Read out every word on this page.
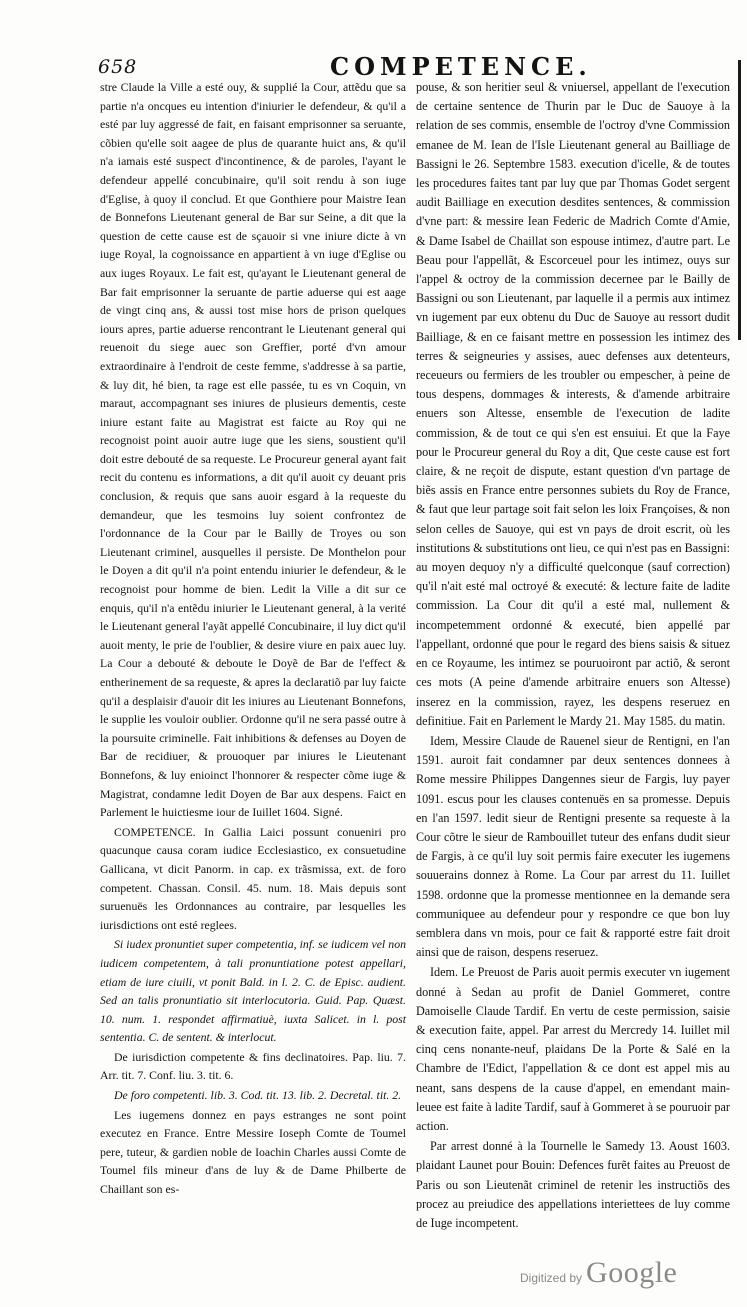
658	COMPETENCE.

stre Claude la Ville a esté ouy, & supplié la Cour, attẽdu que sa partie n'a oncques eu intention d'iniurier le defendeur, & qu'il a esté par luy aggressé de fait, en faisant emprisonner sa seruante, cõbien qu'elle soit aagee de plus de quarante huict ans, & qu'il n'a iamais esté suspect d'incontinence, & de paroles, l'ayant le defendeur appellé concubinaire, qu'il soit rendu à son iuge d'Eglise, à quoy il conclud. Et que Gonthiere pour Maistre Iean de Bonnefons Lieutenant general de Bar sur Seine, a dit que la question de cette cause est de sçauoir si vne iniure dicte à vn iuge Royal, la cognoissance en appartient à vn iuge d'Eglise ou aux iuges Royaux. Le fait est, qu'ayant le Lieutenant general de Bar fait emprisonner la seruante de partie aduerse qui est aage de vingt cinq ans, & aussi tost mise hors de prison quelques iours apres, partie aduerse rencontrant le Lieutenant general qui reuenoit du siege auec son Greffier, porté d'vn amour extraordinaire à l'endroit de ceste femme, s'addresse à sa partie, & luy dit, hé bien, ta rage est elle passée, tu es vn Coquin, vn maraut, accompagnant ses iniures de plusieurs dementis, ceste iniure estant faite au Magistrat est faicte au Roy qui ne recognoist point auoir autre iuge que les siens, soustient qu'il doit estre debouté de sa requeste. Le Procureur general ayant fait recit du contenu es informations, a dit qu'il auoit cy deuant pris conclusion, & requis que sans auoir esgard à la requeste du demandeur, que les tesmoins luy soient confrontez de l'ordonnance de la Cour par le Bailly de Troyes ou son Lieutenant criminel, ausquelles il persiste. De Monthelon pour le Doyen a dit qu'il n'a point entendu iniurier le defendeur, & le recognoist pour homme de bien. Ledit la Ville a dit sur ce enquis, qu'il n'a entẽdu iniurier le Lieutenant general, à la verité le Lieutenant general l'ayãt appellé Concubinaire, il luy dict qu'il auoit menty, le prie de l'oublier, & desire viure en paix auec luy. La Cour a debouté & deboute le Doyẽ de Bar de l'effect & entherinement de sa requeste, & apres la declaratiõ par luy faicte qu'il a desplaisir d'auoir dit les iniures au Lieutenant Bonnefons, le supplie les vouloir oublier. Ordonne qu'il ne sera passé outre à la poursuite criminelle. Fait inhibitions & defenses au Doyen de Bar de recidiuer, & prouoquer par iniures le Lieutenant Bonnefons, & luy enioinct l'honnorer & respecter cõme iuge & Magistrat, condamne ledit Doyen de Bar aux despens. Faict en Parlement le huictiesme iour de Iuillet 1604. Signé.

COMPETENCE. In Gallia Laici possunt conueniri pro quacunque causa coram iudice Ecclesiastico, ex consuetudine Gallicana, vt dicit Panorm. in cap. ex trãsmissa, ext. de foro competent. Chassan. Consil. 45. num. 18. Mais depuis sont suruenuës les Ordonnances au contraire, par lesquelles les iurisdictions ont esté reglees.

Si iudex pronuntiet super competentia, inf. se iudicem vel non iudicem competentem, à tali pronuntiatione potest appellari, etiam de iure ciuili, vt ponit Bald. in l. 2. C. de Episc. audient. Sed an talis pronuntiatio sit interlocutoria. Guid. Pap. Quæst. 10. num. 1. respondet affirmatiuè, iuxta Salicet. in l. post sententia. C. de sentent. & interlocut.

De iurisdiction competente & fins declinatoires. Pap. liu. 7. Arr. tit. 7. Conf. liu. 3. tit. 6.

De foro competenti. lib. 3. Cod. tit. 13. lib. 2. Decretal. tit. 2.

Les iugemens donnez en pays estranges ne sont point executez en France. Entre Messire Ioseph Comte de Toumel pere, tuteur, & gardien noble de Ioachin Charles aussi Comte de Toumel fils mineur d'ans de luy & de Dame Philberte de Chaillant son es-

pouse, & son heritier seul & vniuersel, appellant de l'execution de certaine sentence de Thurin par le Duc de Sauoye à la relation de ses commis, ensemble de l'octroy d'vne Commission emanee de M. Iean de l'Isle Lieutenant general au Bailliage de Bassigni le 26. Septembre 1583. execution d'icelle, & de toutes les procedures faites tant par luy que par Thomas Godet sergent audit Bailliage en execution desdites sentences, & commission d'vne part: & messire Iean Federic de Madrich Comte d'Amie, & Dame Isabel de Chaillat son espouse intimez, d'autre part. Le Beau pour l'appellãt, & Escorceuel pour les intimez, ouys sur l'appel & octroy de la commission decernee par le Bailly de Bassigni ou son Lieutenant, par laquelle il a permis aux intimez vn iugement par eux obtenu du Duc de Sauoye au ressort dudit Bailliage, & en ce faisant mettre en possession les intimez des terres & seigneuries y assises, auec defenses aux detenteurs, receueurs ou fermiers de les troubler ou empescher, à peine de tous despens, dommages & interests, & d'amende arbitraire enuers son Altesse, ensemble de l'execution de ladite commission, & de tout ce qui s'en est ensuiui. Et que la Faye pour le Procureur general du Roy a dit, Que ceste cause est fort claire, & ne reçoit de dispute, estant question d'vn partage de biẽs assis en France entre personnes subiets du Roy de France, & faut que leur partage soit fait selon les loix Françoises, & non selon celles de Sauoye, qui est vn pays de droit escrit, où les institutions & substitutions ont lieu, ce qui n'est pas en Bassigni: au moyen dequoy n'y a difficulté quelconque (sauf correction) qu'il n'ait esté mal octroyé & executé: & lecture faite de ladite commission. La Cour dit qu'il a esté mal, nullement & incompetemment ordonné & executé, bien appellé par l'appellant, ordonné que pour le regard des biens saisis & situez en ce Royaume, les intimez se pouruoiront par actiõ, & seront ces mots (A peine d'amende arbitraire enuers son Altesse) inserez en la commission, rayez, les despens reseruez en definitiue. Fait en Parlement le Mardy 21. May 1585. du matin.

Idem, Messire Claude de Rauenel sieur de Rentigni, en l'an 1591. auroit fait condamner par deux sentences donnees à Rome messire Philippes Dangennes sieur de Fargis, luy payer 1091. escus pour les clauses contenuës en sa promesse. Depuis en l'an 1597. ledit sieur de Rentigni presente sa requeste à la Cour cõtre le sieur de Rambouillet tuteur des enfans dudit sieur de Fargis, à ce qu'il luy soit permis faire executer les iugemens souuerains donnez à Rome. La Cour par arrest du 11. Iuillet 1598. ordonne que la promesse mentionnee en la demande sera communiquee au defendeur pour y respondre ce que bon luy semblera dans vn mois, pour ce fait & rapporté estre fait droit ainsi que de raison, despens reseruez.

Idem. Le Preuost de Paris auoit permis executer vn iugement donné à Sedan au profit de Daniel Gommeret, contre Damoiselle Claude Tardif. En vertu de ceste permission, saisie & execution faite, appel. Par arrest du Mercredy 14. Iuillet mil cinq cens nonante-neuf, plaidans De la Porte & Salé en la Chambre de l'Edict, l'appellation & ce dont est appel mis au neant, sans despens de la cause d'appel, en emendant main-leuee est faite à ladite Tardif, sauf à Gommeret à se pouruoir par action.

Par arrest donné à la Tournelle le Samedy 13. Aoust 1603. plaidant Launet pour Bouin: Defences furẽt faites au Preuost de Paris ou son Lieutenãt criminel de retenir les instructiõs des procez au preiudice des appellations interiettees de luy comme de Iuge incompetent.

Digitized by Google
